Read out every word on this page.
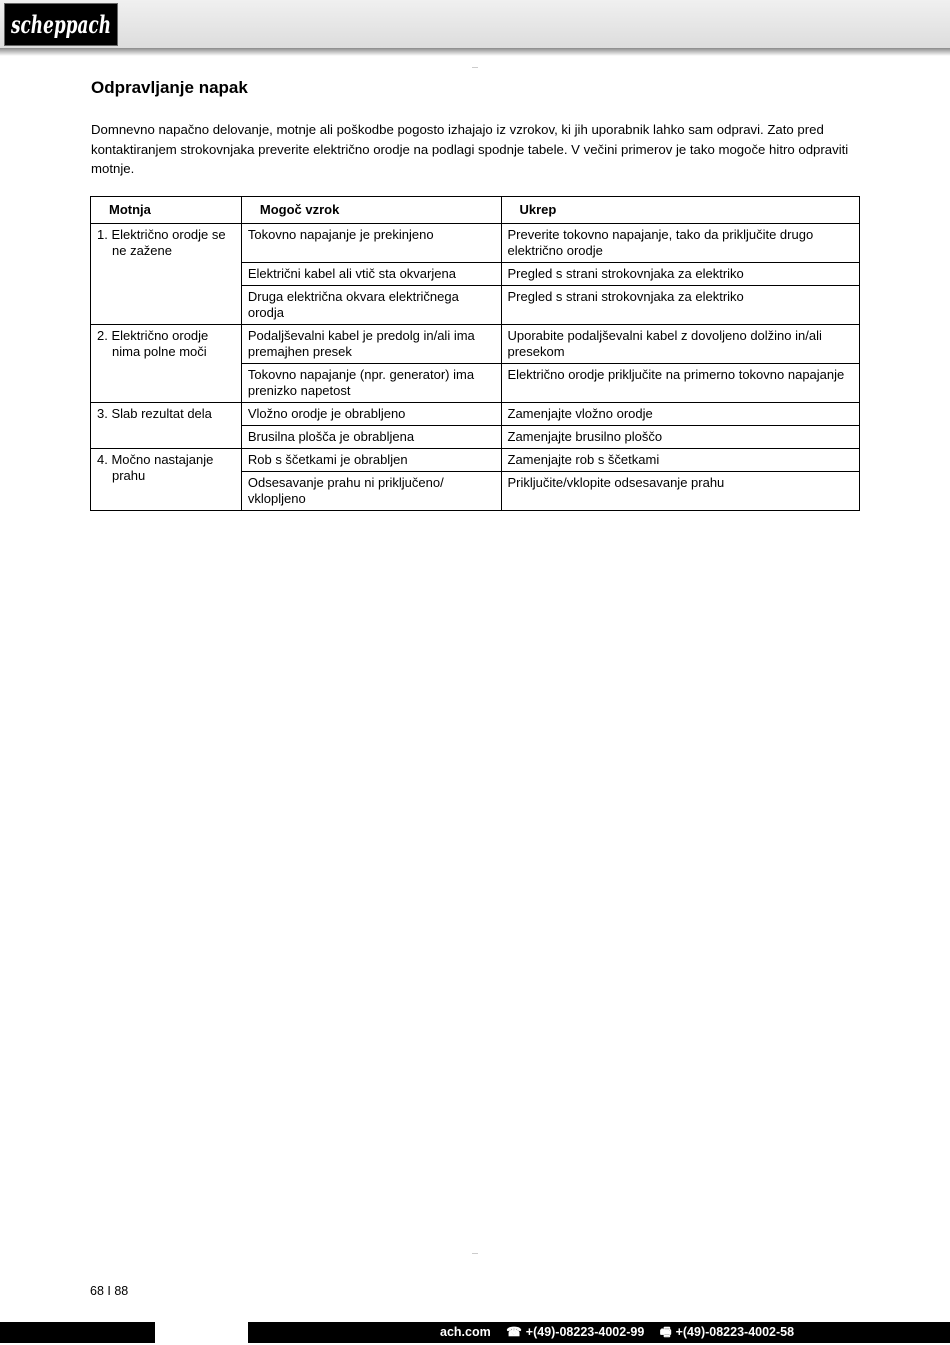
scheppach
Odpravljanje napak

Domnevno napačno delovanje, motnje ali poškodbe pogosto izhajajo iz vzrokov, ki jih uporabnik lahko sam odpravi. Zato pred kontaktiranjem strokovnjaka preverite električno orodje na podlagi spodnje tabele. V večini primerov je tako mogoče hitro odpraviti motnje.

Motnja	Mogoč vzrok	Ukrep

1. Električno orodje se ne zažene	Tokovno napajanje je prekinjeno	Preverite tokovno napajanje, tako da priključite drugo električno orodje
	Električni kabel ali vtič sta okvarjena	Pregled s strani strokovnjaka za elektriko
	Druga električna okvara električnega orodja	Pregled s strani strokovnjaka za elektriko

2. Električno orodje nima polne moči	Podaljševalni kabel je predolg in/ali ima premajhen presek	Uporabite podaljševalni kabel z dovoljeno dolžino in/ali presekom
	Tokovno napajanje (npr. generator) ima prenizko napetost	Električno orodje priključite na primerno tokovno napajanje

3. Slab rezultat dela	Vložno orodje je obrabljeno	Zamenjajte vložno orodje
	Brusilna plošča je obrabljena	Zamenjajte brusilno ploščo

4. Močno nastajanje prahu	Rob s ščetkami je obrabljen	Zamenjajte rob s ščetkami
	Odsesavanje prahu ni priključeno/ vklopljeno	Priključite/vklopite odsesavanje prahu
68 I 88
ach.com ☎ +(49)-08223-4002-99 🖷 +(49)-08223-4002-58
